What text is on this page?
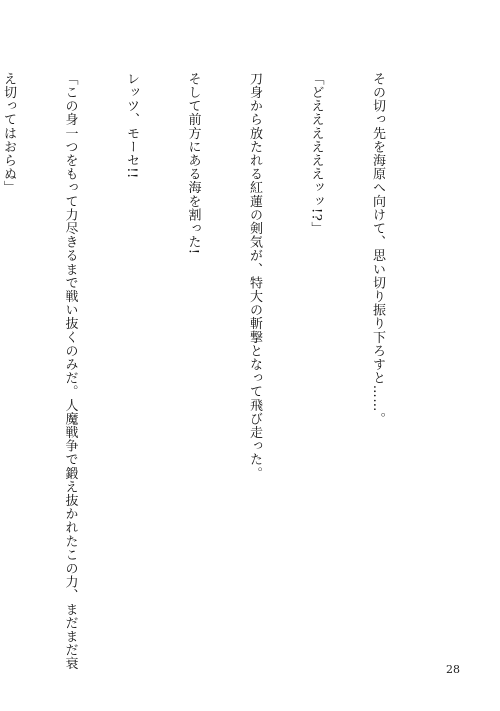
その切っ先を海原へ向けて、思い切り振り下ろすと……。

「どええええええッッ!?」

刀身から放たれる紅蓮の剣気が、特大の斬撃となって飛び走った。

そして前方にある海を割った!

レッツ、モーセ!!

「この身一つをもって力尽きるまで戦い抜くのみだ。人魔戦争で鍛え抜かれたこの力、まだまだ衰

え切ってはおらぬ」

28
